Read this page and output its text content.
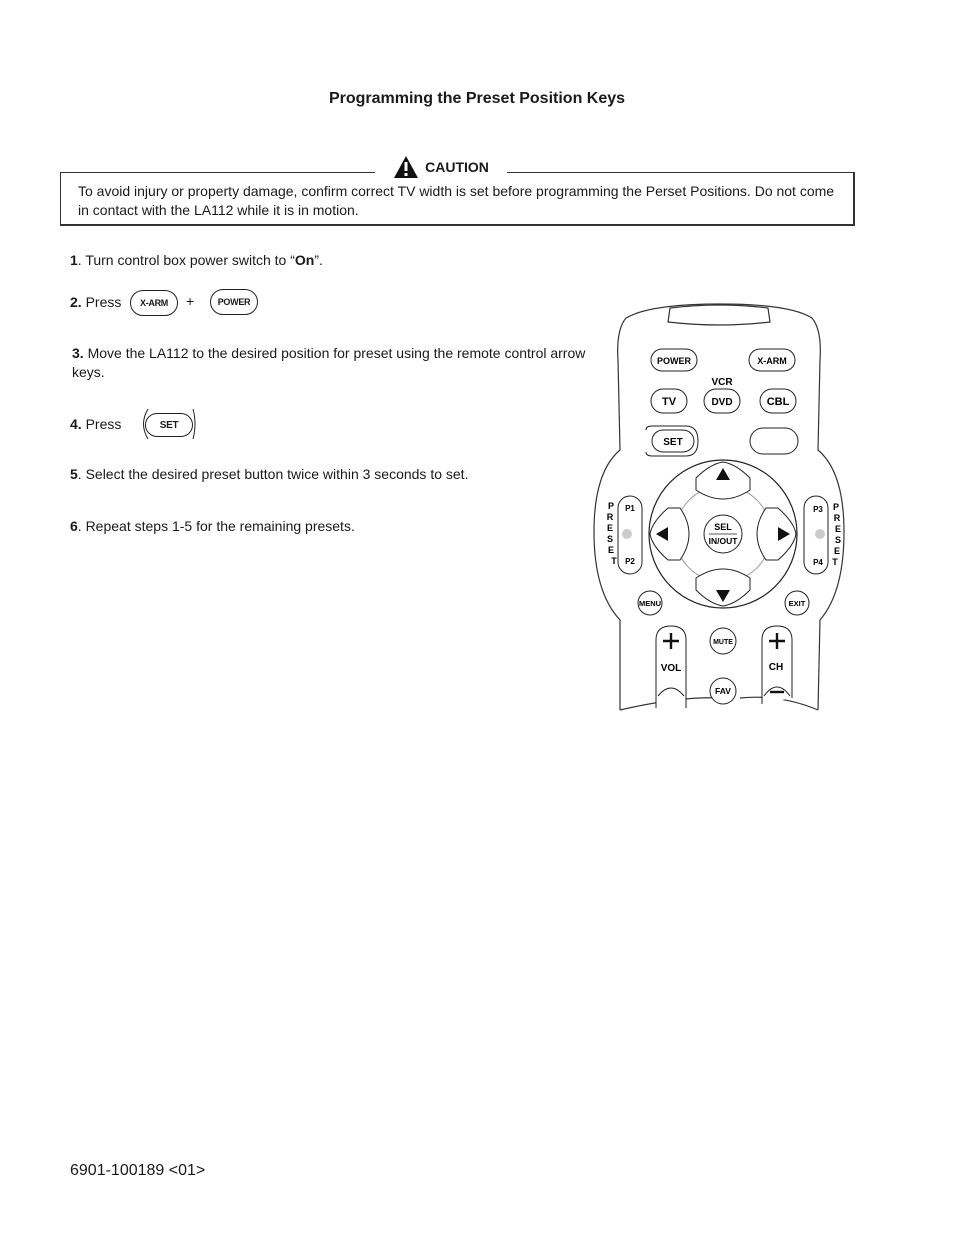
Programming the Preset Position Keys
CAUTION
To avoid injury or property damage, confirm correct TV width is set before programming the Perset Positions. Do not come in contact with the LA112 while it is in motion.
1. Turn control box power switch to “On”.
2. Press	X-ARM	+	POWER
3. Move the LA112 to the desired position for preset using the remote control arrow keys.
4. Press	SET
5. Select the desired preset button twice within 3 seconds to set.
6. Repeat steps 1-5 for the remaining presets.
POWER	X-ARM
VCR
TV	DVD	CBL
SET
SEL
IN/OUT
P1
P2
P
R
E
S
E
T
P3
P4
P
R
E
S
E
T
MENU	EXIT
VOL	CH
MUTE
FAV
6901-100189 <01>
